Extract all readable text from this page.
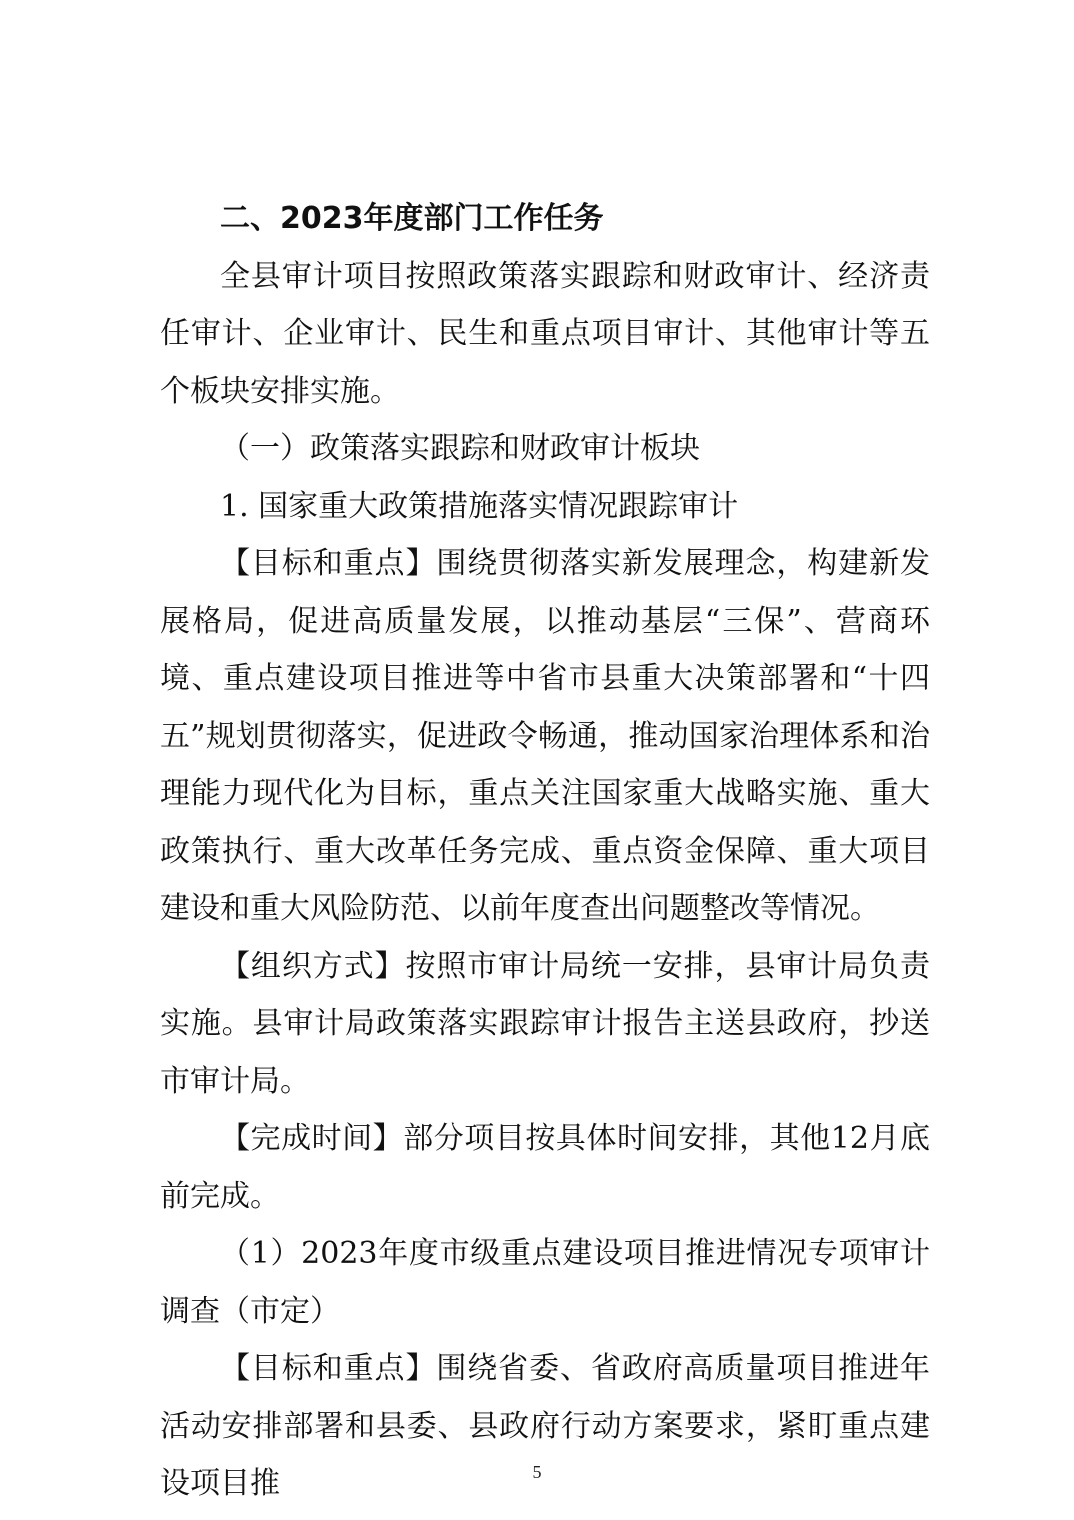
二、2023年度部门工作任务

全县审计项目按照政策落实跟踪和财政审计、经济责任审计、企业审计、民生和重点项目审计、其他审计等五个板块安排实施。

（一）政策落实跟踪和财政审计板块

1. 国家重大政策措施落实情况跟踪审计

【目标和重点】围绕贯彻落实新发展理念，构建新发展格局，促进高质量发展，以推动基层“三保”、营商环境、重点建设项目推进等中省市县重大决策部署和“十四五”规划贯彻落实，促进政令畅通，推动国家治理体系和治理能力现代化为目标，重点关注国家重大战略实施、重大政策执行、重大改革任务完成、重点资金保障、重大项目建设和重大风险防范、以前年度查出问题整改等情况。

【组织方式】按照市审计局统一安排，县审计局负责实施。县审计局政策落实跟踪审计报告主送县政府，抄送市审计局。

【完成时间】部分项目按具体时间安排，其他12月底前完成。

（1）2023年度市级重点建设项目推进情况专项审计调查（市定）

【目标和重点】围绕省委、省政府高质量项目推进年活动安排部署和县委、县政府行动方案要求，紧盯重点建设项目推	5
